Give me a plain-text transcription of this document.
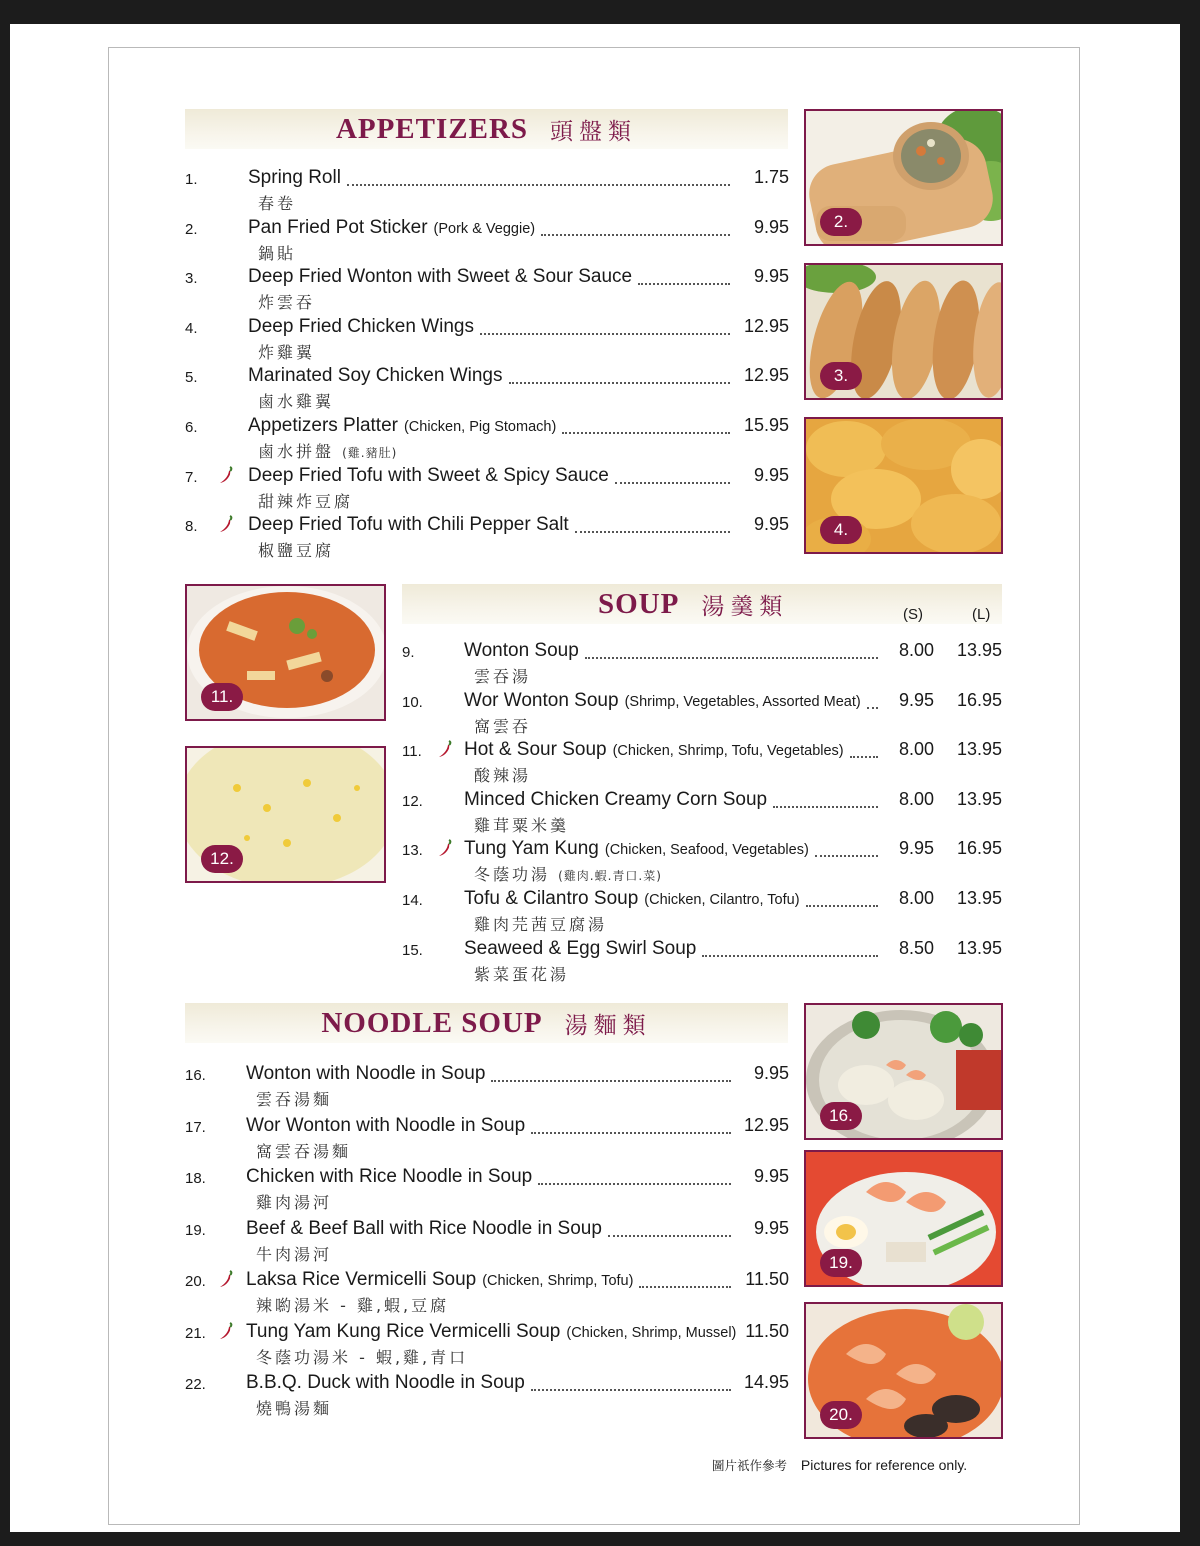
APPETIZERS 頭盤類
1.	Spring Roll	1.75
春卷
2.	Pan Fried Pot Sticker (Pork & Veggie)	9.95
鍋貼
3.	Deep Fried Wonton with Sweet & Sour Sauce	9.95
炸雲吞
4.	Deep Fried Chicken Wings	12.95
炸雞翼
5.	Marinated Soy Chicken Wings	12.95
鹵水雞翼
6.	Appetizers Platter (Chicken, Pig Stomach)	15.95
鹵水拼盤 (雞.豬肚)
7.	Deep Fried Tofu with Sweet & Spicy Sauce	9.95
甜辣炸豆腐
8.	Deep Fried Tofu with Chili Pepper Salt	9.95
椒鹽豆腐
SOUP 湯羹類	(S)	(L)
9.	Wonton Soup	8.00 13.95
雲吞湯
10. Wor Wonton Soup (Shrimp, Vegetables, Assorted Meat)	9.95 16.95
窩雲吞
11. Hot & Sour Soup (Chicken, Shrimp, Tofu, Vegetables)	8.00 13.95
酸辣湯
12. Minced Chicken Creamy Corn Soup	8.00 13.95
雞茸粟米羹
13. Tung Yam Kung (Chicken, Seafood, Vegetables)	9.95 16.95
冬蔭功湯 (雞肉.蝦.青口.菜)
14. Tofu & Cilantro Soup (Chicken, Cilantro, Tofu)	8.00 13.95
雞肉芫茜豆腐湯
15. Seaweed & Egg Swirl Soup	8.50 13.95
紫菜蛋花湯
NOODLE SOUP 湯麵類
16. Wonton with Noodle in Soup	9.95
雲吞湯麵
17. Wor Wonton with Noodle in Soup	12.95
窩雲吞湯麵
18. Chicken with Rice Noodle in Soup	9.95
雞肉湯河
19. Beef & Beef Ball with Rice Noodle in Soup	9.95
牛肉湯河
20. Laksa Rice Vermicelli Soup (Chicken, Shrimp, Tofu)	11.50
辣喲湯米 - 雞,蝦,豆腐
21. Tung Yam Kung Rice Vermicelli Soup (Chicken, Shrimp, Mussel) 11.50
冬蔭功湯米 - 蝦,雞,青口
22. B.B.Q. Duck with Noodle in Soup	14.95
燒鴨湯麵
2.
3.
4.
11.
12.
16.
19.
20.
圖片祇作參考 Pictures for reference only.
